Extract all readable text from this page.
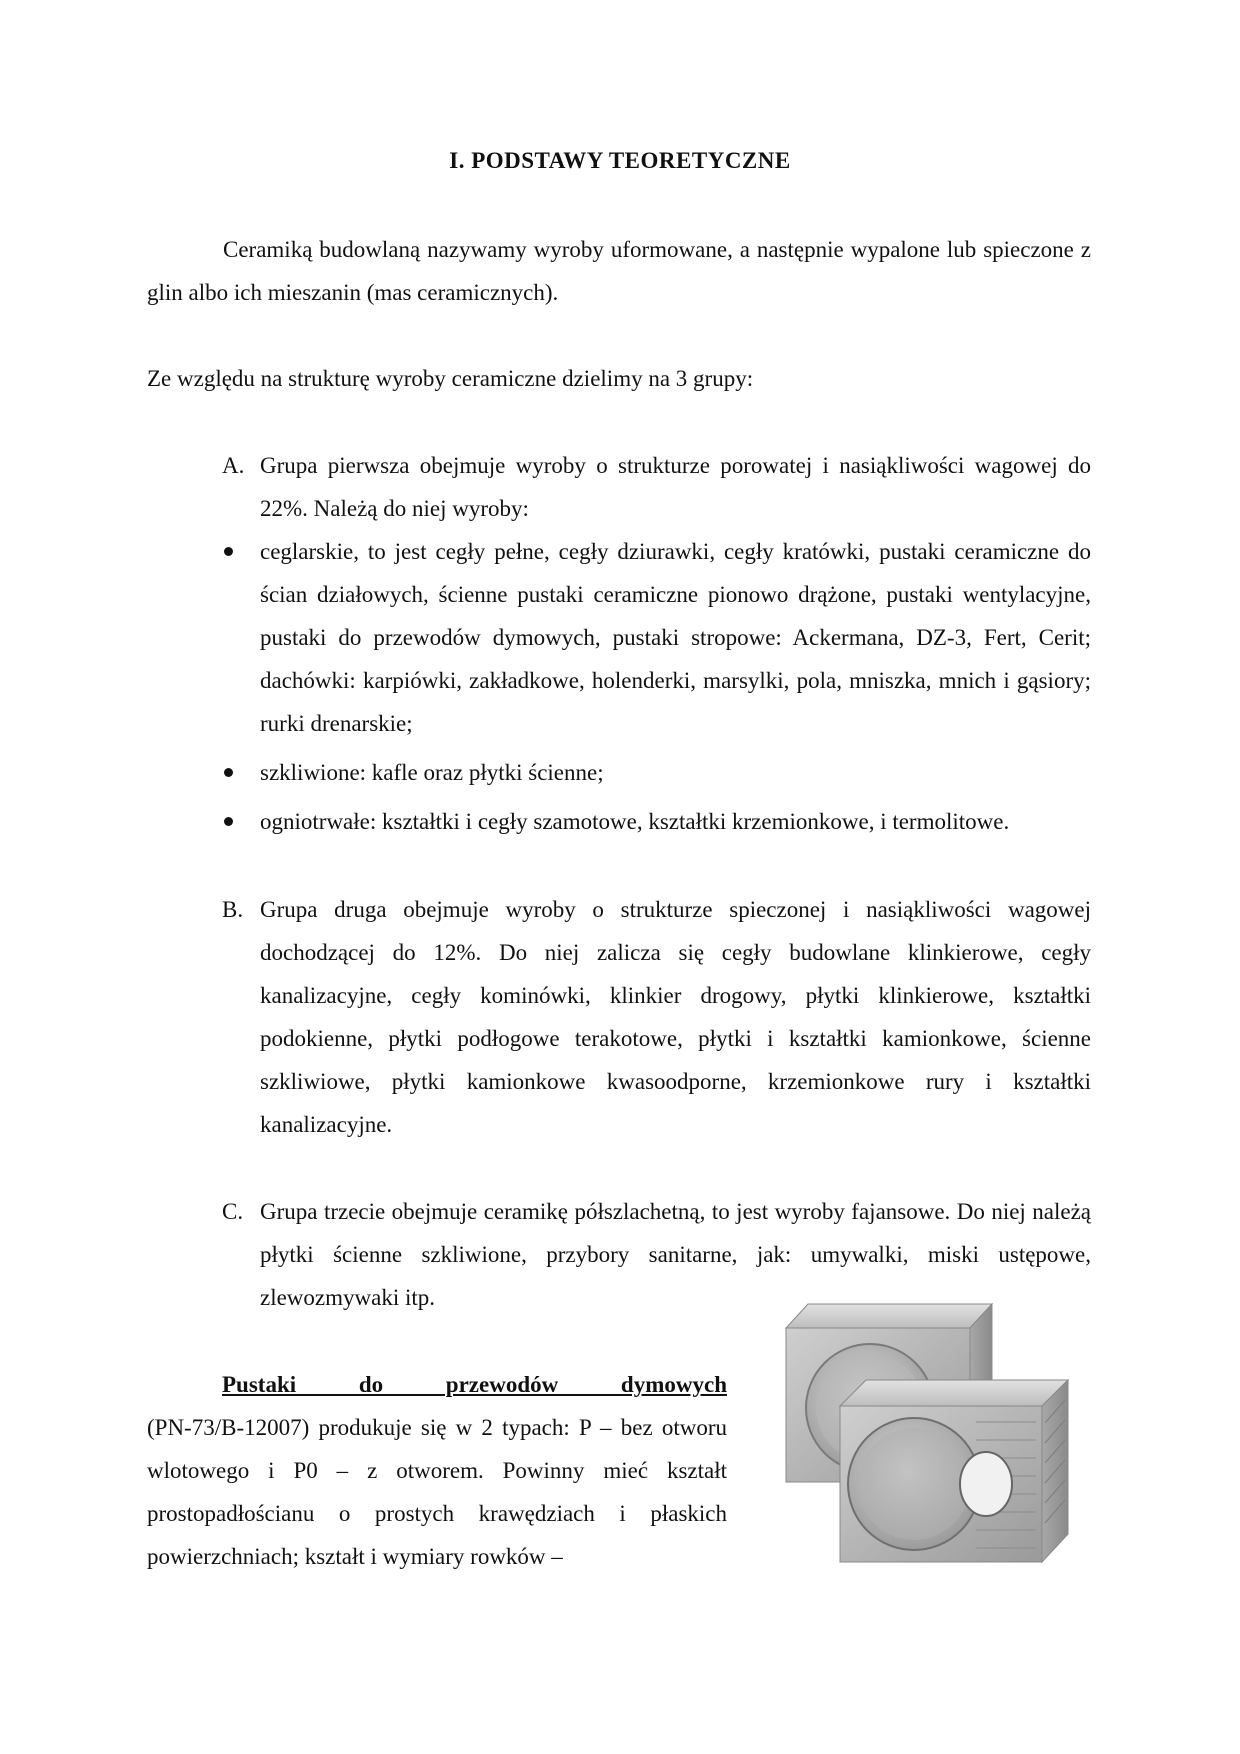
I. PODSTAWY TEORETYCZNE
Ceramiką budowlaną nazywamy wyroby uformowane, a następnie wypalone lub spieczone z glin albo ich mieszanin (mas ceramicznych).
Ze względu na strukturę wyroby ceramiczne dzielimy na 3 grupy:
A. Grupa pierwsza obejmuje wyroby o strukturze porowatej i nasiąkliwości wagowej do 22%. Należą do niej wyroby:
ceglarskie, to jest cegły pełne, cegły dziurawki, cegły kratówki, pustaki ceramiczne do ścian działowych, ścienne pustaki ceramiczne pionowo drążone, pustaki wentylacyjne, pustaki do przewodów dymowych, pustaki stropowe: Ackermana, DZ-3, Fert, Cerit; dachówki: karpiówki, zakładkowe, holenderki, marsylki, pola, mniszka, mnich i gąsiory; rurki drenarskie;
szkliwione: kafle oraz płytki ścienne;
ogniotrwałe: kształtki i cegły szamotowe, kształtki krzemionkowe, i termolitowe.
B. Grupa druga obejmuje wyroby o strukturze spieczonej i nasiąkliwości wagowej dochodzącej do 12%. Do niej zalicza się cegły budowlane klinkierowe, cegły kanalizacyjne, cegły kominówki, klinkier drogowy, płytki klinkierowe, kształtki podokienne, płytki podłogowe terakotowe, płytki i kształtki kamionkowe, ścienne szkliwiowe, płytki kamionkowe kwasoodporne, krzemionkowe rury i kształtki kanalizacyjne.
C. Grupa trzecie obejmuje ceramikę półszlachetną, to jest wyroby fajansowe. Do niej należą płytki ścienne szkliwione, przybory sanitarne, jak: umywalki, miski ustępowe, zlewozmywaki itp.
Pustaki do przewodów dymowych
(PN-73/B-12007) produkuje się w 2 typach: P – bez otworu wlotowego i P0 – z otworem. Powinny mieć kształt prostopadłościanu o prostych krawędziach i płaskich powierzchniach; kształt i wymiary rowków –
